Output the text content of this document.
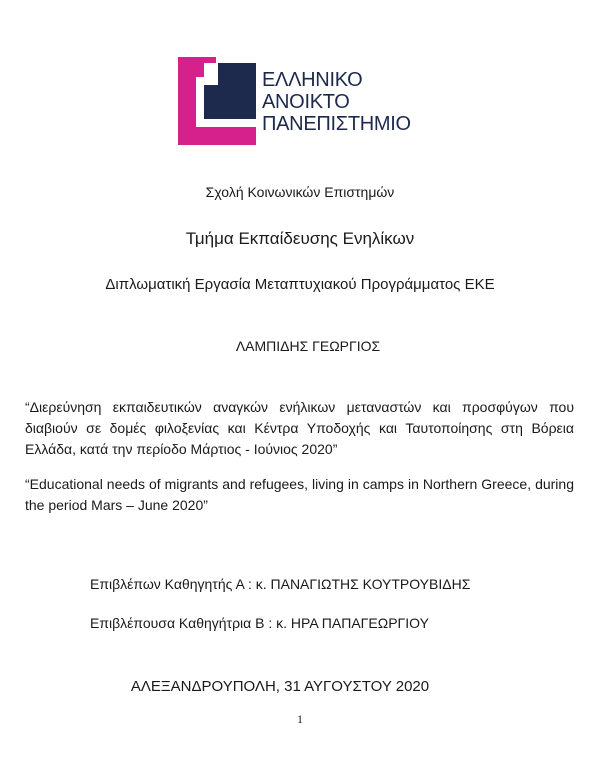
ΕΛΛΗΝΙΚΟ
ΑΝΟΙΚΤΟ
ΠΑΝΕΠΙΣΤΗΜΙΟ
Σχολή Κοινωνικών Επιστημών
Τμήμα Εκπαίδευσης Ενηλίκων
Διπλωματική Εργασία Μεταπτυχιακού Προγράμματος ΕΚΕ
ΛΑΜΠΙΔΗΣ ΓΕΩΡΓΙΟΣ
“Διερεύνηση εκπαιδευτικών αναγκών ενήλικων μεταναστών και προσφύγων που διαβιούν σε δομές φιλοξενίας και Κέντρα Υποδοχής και Ταυτοποίησης στη Βόρεια Ελλάδα, κατά την περίοδο Μάρτιος - Ιούνιος 2020”
“Educational needs of migrants and refugees, living in camps in Northern Greece, during the period Mars – June 2020”
Επιβλέπων Καθηγητής Α : κ. ΠΑΝΑΓΙΩΤΗΣ ΚΟΥΤΡΟΥΒΙΔΗΣ
Επιβλέπουσα Καθηγήτρια Β : κ. ΗΡΑ ΠΑΠΑΓΕΩΡΓΙΟΥ
ΑΛΕΞΑΝΔΡΟΥΠΟΛΗ, 31 ΑΥΓΟΥΣΤΟΥ 2020
1
